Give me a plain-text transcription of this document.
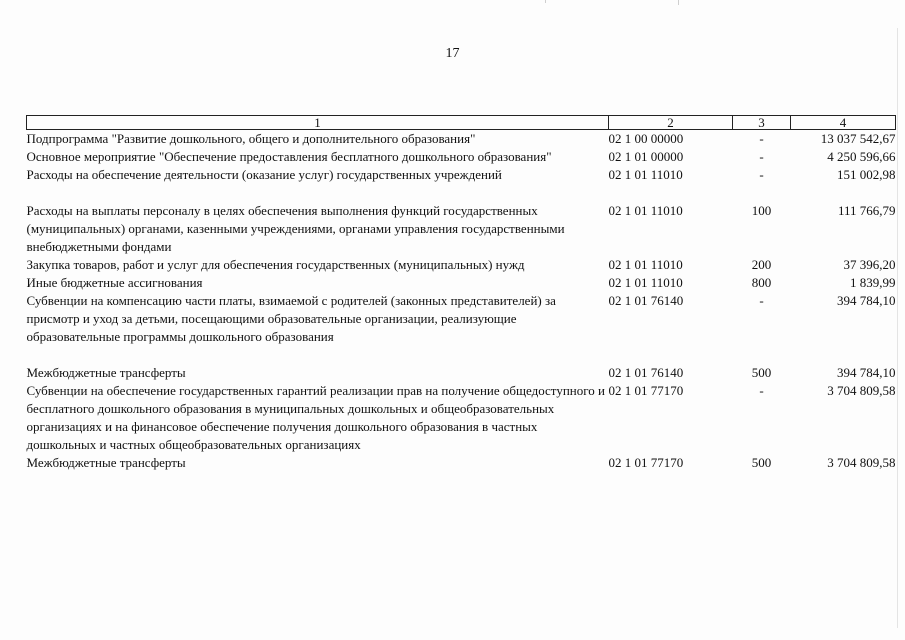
17
1	2	3	4
Подпрограмма "Развитие дошкольного, общего и дополнительного образования"	02 1 00 00000	-	13 037 542,67
Основное мероприятие "Обеспечение предоставления бесплатного дошкольного образования"	02 1 01 00000	-	4 250 596,66
Расходы на обеспечение деятельности (оказание услуг) государственных учреждений	02 1 01 11010	-	151 002,98
Расходы на выплаты персоналу в целях обеспечения выполнения функций государственных (муниципальных) органами, казенными учреждениями, органами управления государственными внебюджетными фондами	02 1 01 11010	100	111 766,79
Закупка товаров, работ и услуг для обеспечения государственных (муниципальных) нужд	02 1 01 11010	200	37 396,20
Иные бюджетные ассигнования	02 1 01 11010	800	1 839,99
Субвенции на компенсацию части платы, взимаемой с родителей (законных представителей) за присмотр и уход за детьми, посещающими образовательные организации, реализующие образовательные программы дошкольного образования	02 1 01 76140	-	394 784,10
Межбюджетные трансферты	02 1 01 76140	500	394 784,10
Субвенции на обеспечение государственных гарантий реализации прав на получение общедоступного и бесплатного дошкольного образования в муниципальных дошкольных и общеобразовательных организациях и на финансовое обеспечение получения дошкольного образования в частных дошкольных и частных общеобразовательных организациях	02 1 01 77170	-	3 704 809,58
Межбюджетные трансферты	02 1 01 77170	500	3 704 809,58
